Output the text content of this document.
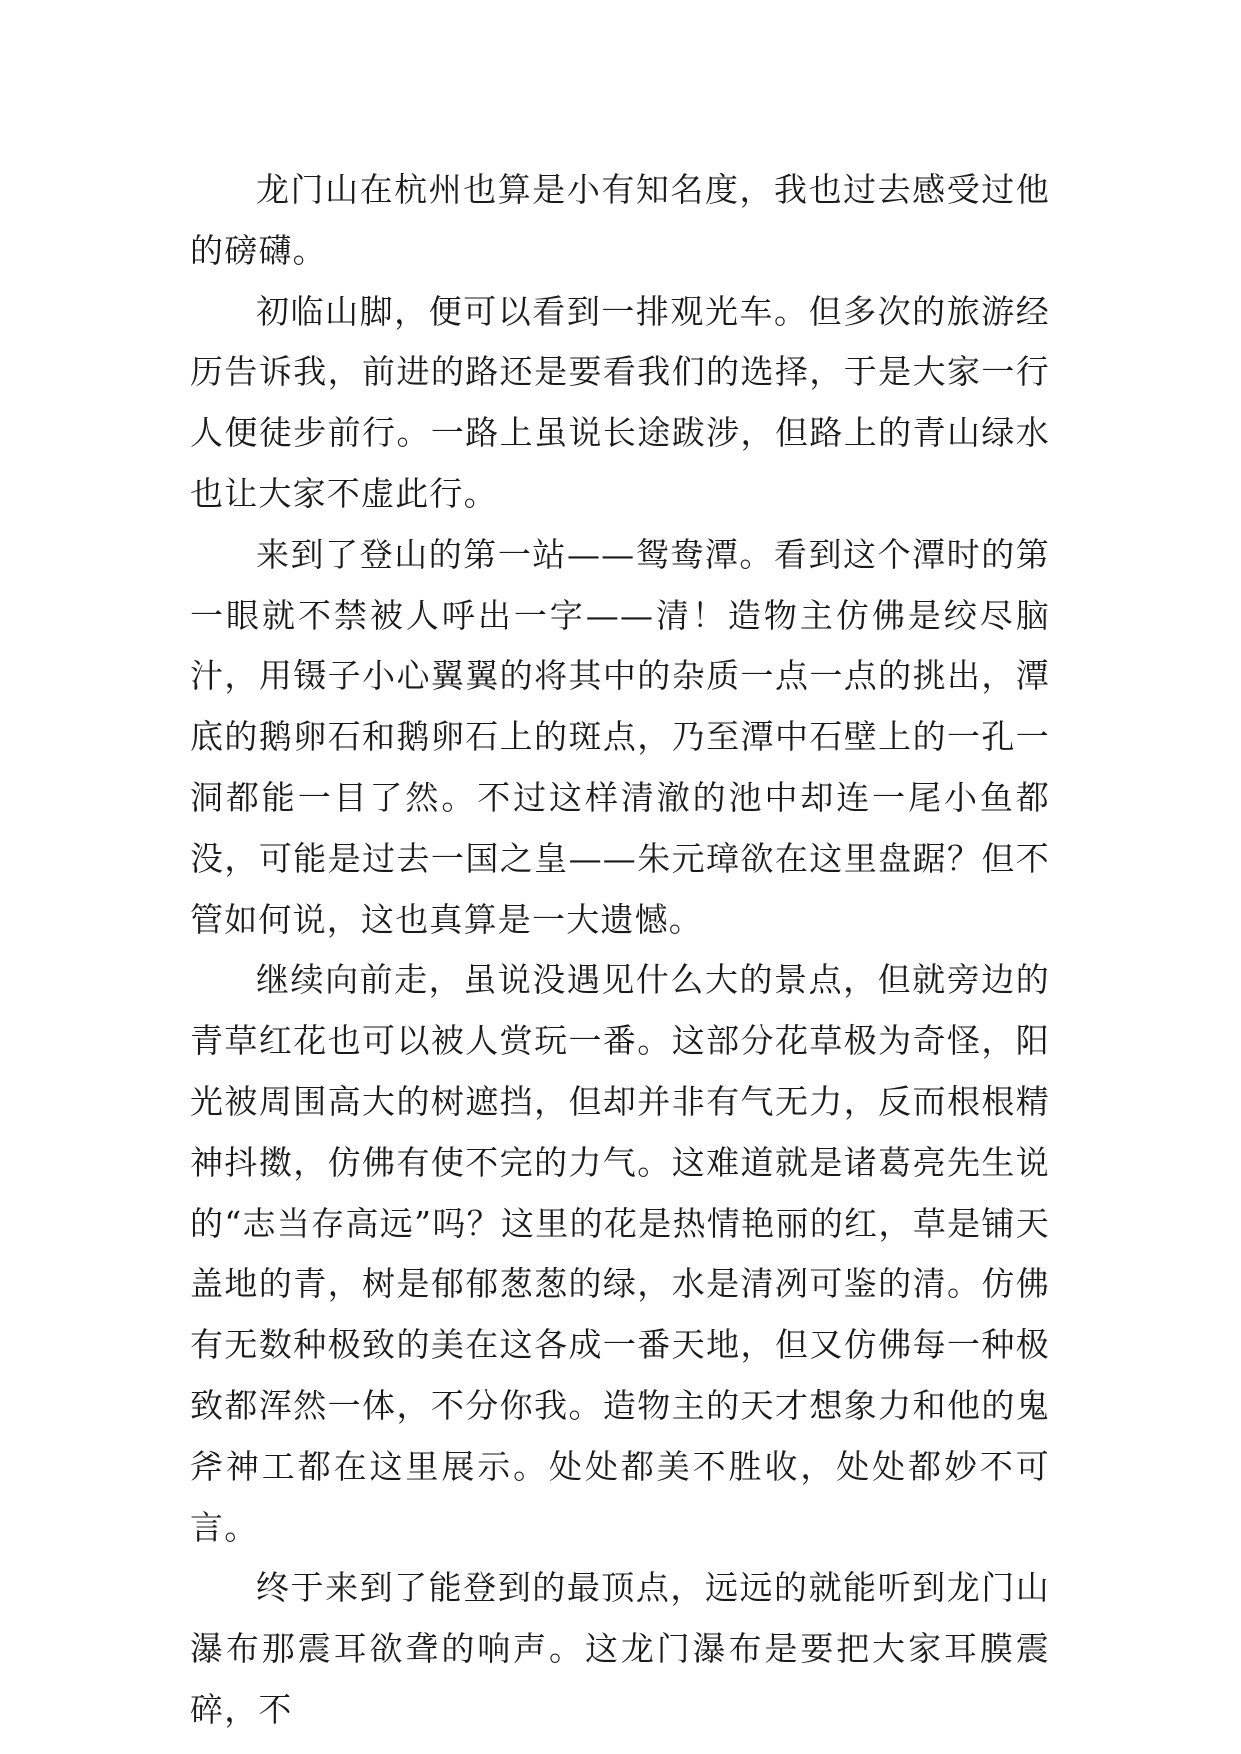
龙门山在杭州也算是小有知名度，我也过去感受过他的磅礴。

初临山脚，便可以看到一排观光车。但多次的旅游经历告诉我，前进的路还是要看我们的选择，于是大家一行人便徒步前行。一路上虽说长途跋涉，但路上的青山绿水也让大家不虚此行。

来到了登山的第一站——鸳鸯潭。看到这个潭时的第一眼就不禁被人呼出一字——清！造物主仿佛是绞尽脑汁，用镊子小心翼翼的将其中的杂质一点一点的挑出，潭底的鹅卵石和鹅卵石上的斑点，乃至潭中石壁上的一孔一洞都能一目了然。不过这样清澈的池中却连一尾小鱼都没，可能是过去一国之皇——朱元璋欲在这里盘踞？但不管如何说，这也真算是一大遗憾。

继续向前走，虽说没遇见什么大的景点，但就旁边的青草红花也可以被人赏玩一番。这部分花草极为奇怪，阳光被周围高大的树遮挡，但却并非有气无力，反而根根精神抖擞，仿佛有使不完的力气。这难道就是诸葛亮先生说的“志当存高远”吗？这里的花是热情艳丽的红，草是铺天盖地的青，树是郁郁葱葱的绿，水是清冽可鉴的清。仿佛有无数种极致的美在这各成一番天地，但又仿佛每一种极致都浑然一体，不分你我。造物主的天才想象力和他的鬼斧神工都在这里展示。处处都美不胜收，处处都妙不可言。

终于来到了能登到的最顶点，远远的就能听到龙门山瀑布那震耳欲聋的响声。这龙门瀑布是要把大家耳膜震碎，不
